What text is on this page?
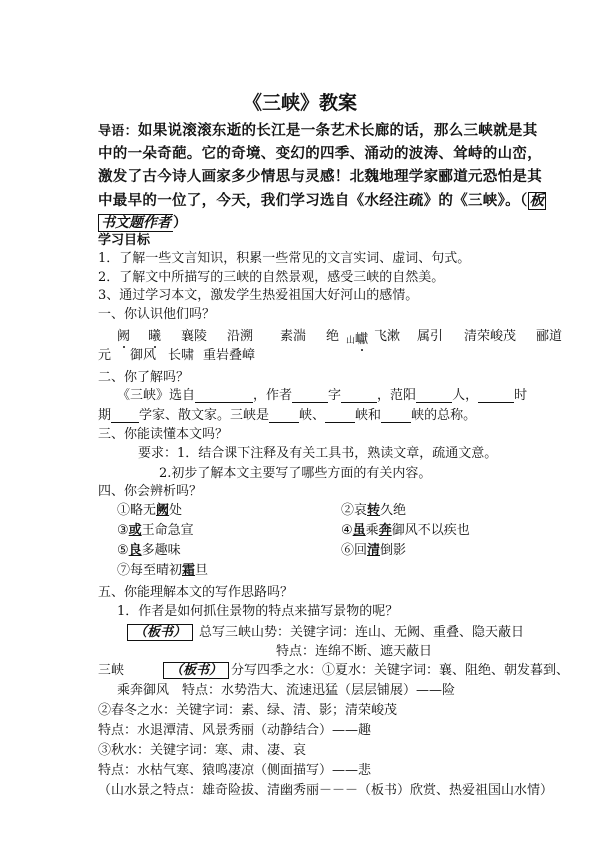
《三峡》教案
导语：如果说滚滚东逝的长江是一条艺术长廊的话，那么三峡就是其
中的一朵奇葩。它的奇境、变幻的四季、涌动的波涛、耸峙的山峦，
激发了古今诗人画家多少情思与灵感！北魏地理学家郦道元恐怕是其
中最早的一位了，今天，我们学习选自《水经注疏》的《三峡》。（ 板
书文题作者 ）
学习目标
1．了解一些文言知识，积累一些常见的文言实词、虚词、句式。
2．了解文中所描写的三峡的自然景观，感受三峡的自然美。
3、通过学习本文，激发学生热爱祖国大好河山的感情。
一、你认识他们吗？
阙 曦 襄陵 沿溯 素湍 绝 山巘 飞漱 属引 清荣峻茂 郦道
元 御风 长啸 重岩叠嶂
二、你了解吗？
《三峡》选自	，作者	字	，范阳	人，	时
期 学家、散文家。三峡是 峡、 峡和 峡的总称。
三、你能读懂本文吗？
要求：1．结合课下注释及有关工具书，熟读文章，疏通文意。
2.初步了解本文主要写了哪些方面的有关内容。
四、你会辨析吗？
①略无阙处	②哀转久绝
③或王命急宣	④虽乘奔御风不以疾也
⑤良多趣味	⑥回清倒影
⑦每至晴初霜旦
五、你能理解本文的写作思路吗？
1．作者是如何抓住景物的特点来描写景物的呢？
（板书） 总写三峡山势：关键字词：连山、无阙、重叠、隐天蔽日
特点：连绵不断、遮天蔽日
三峡	（板书） 分写四季之水：①夏水：关键字词：襄、阻绝、朝发暮到、
乘奔御风　特点：水势浩大、流速迅猛（层层铺展）——险
②春冬之水：关键字词：素、绿、清、影；清荣峻茂
特点：水退潭清、风景秀丽（动静结合）——趣
③秋水：关键字词：寒、肃、凄、哀
特点：水枯气寒、猿鸣凄凉（侧面描写）——悲
（山水景之特点：雄奇险拔、清幽秀丽－－－（板书）欣赏、热爱祖国山水情）
